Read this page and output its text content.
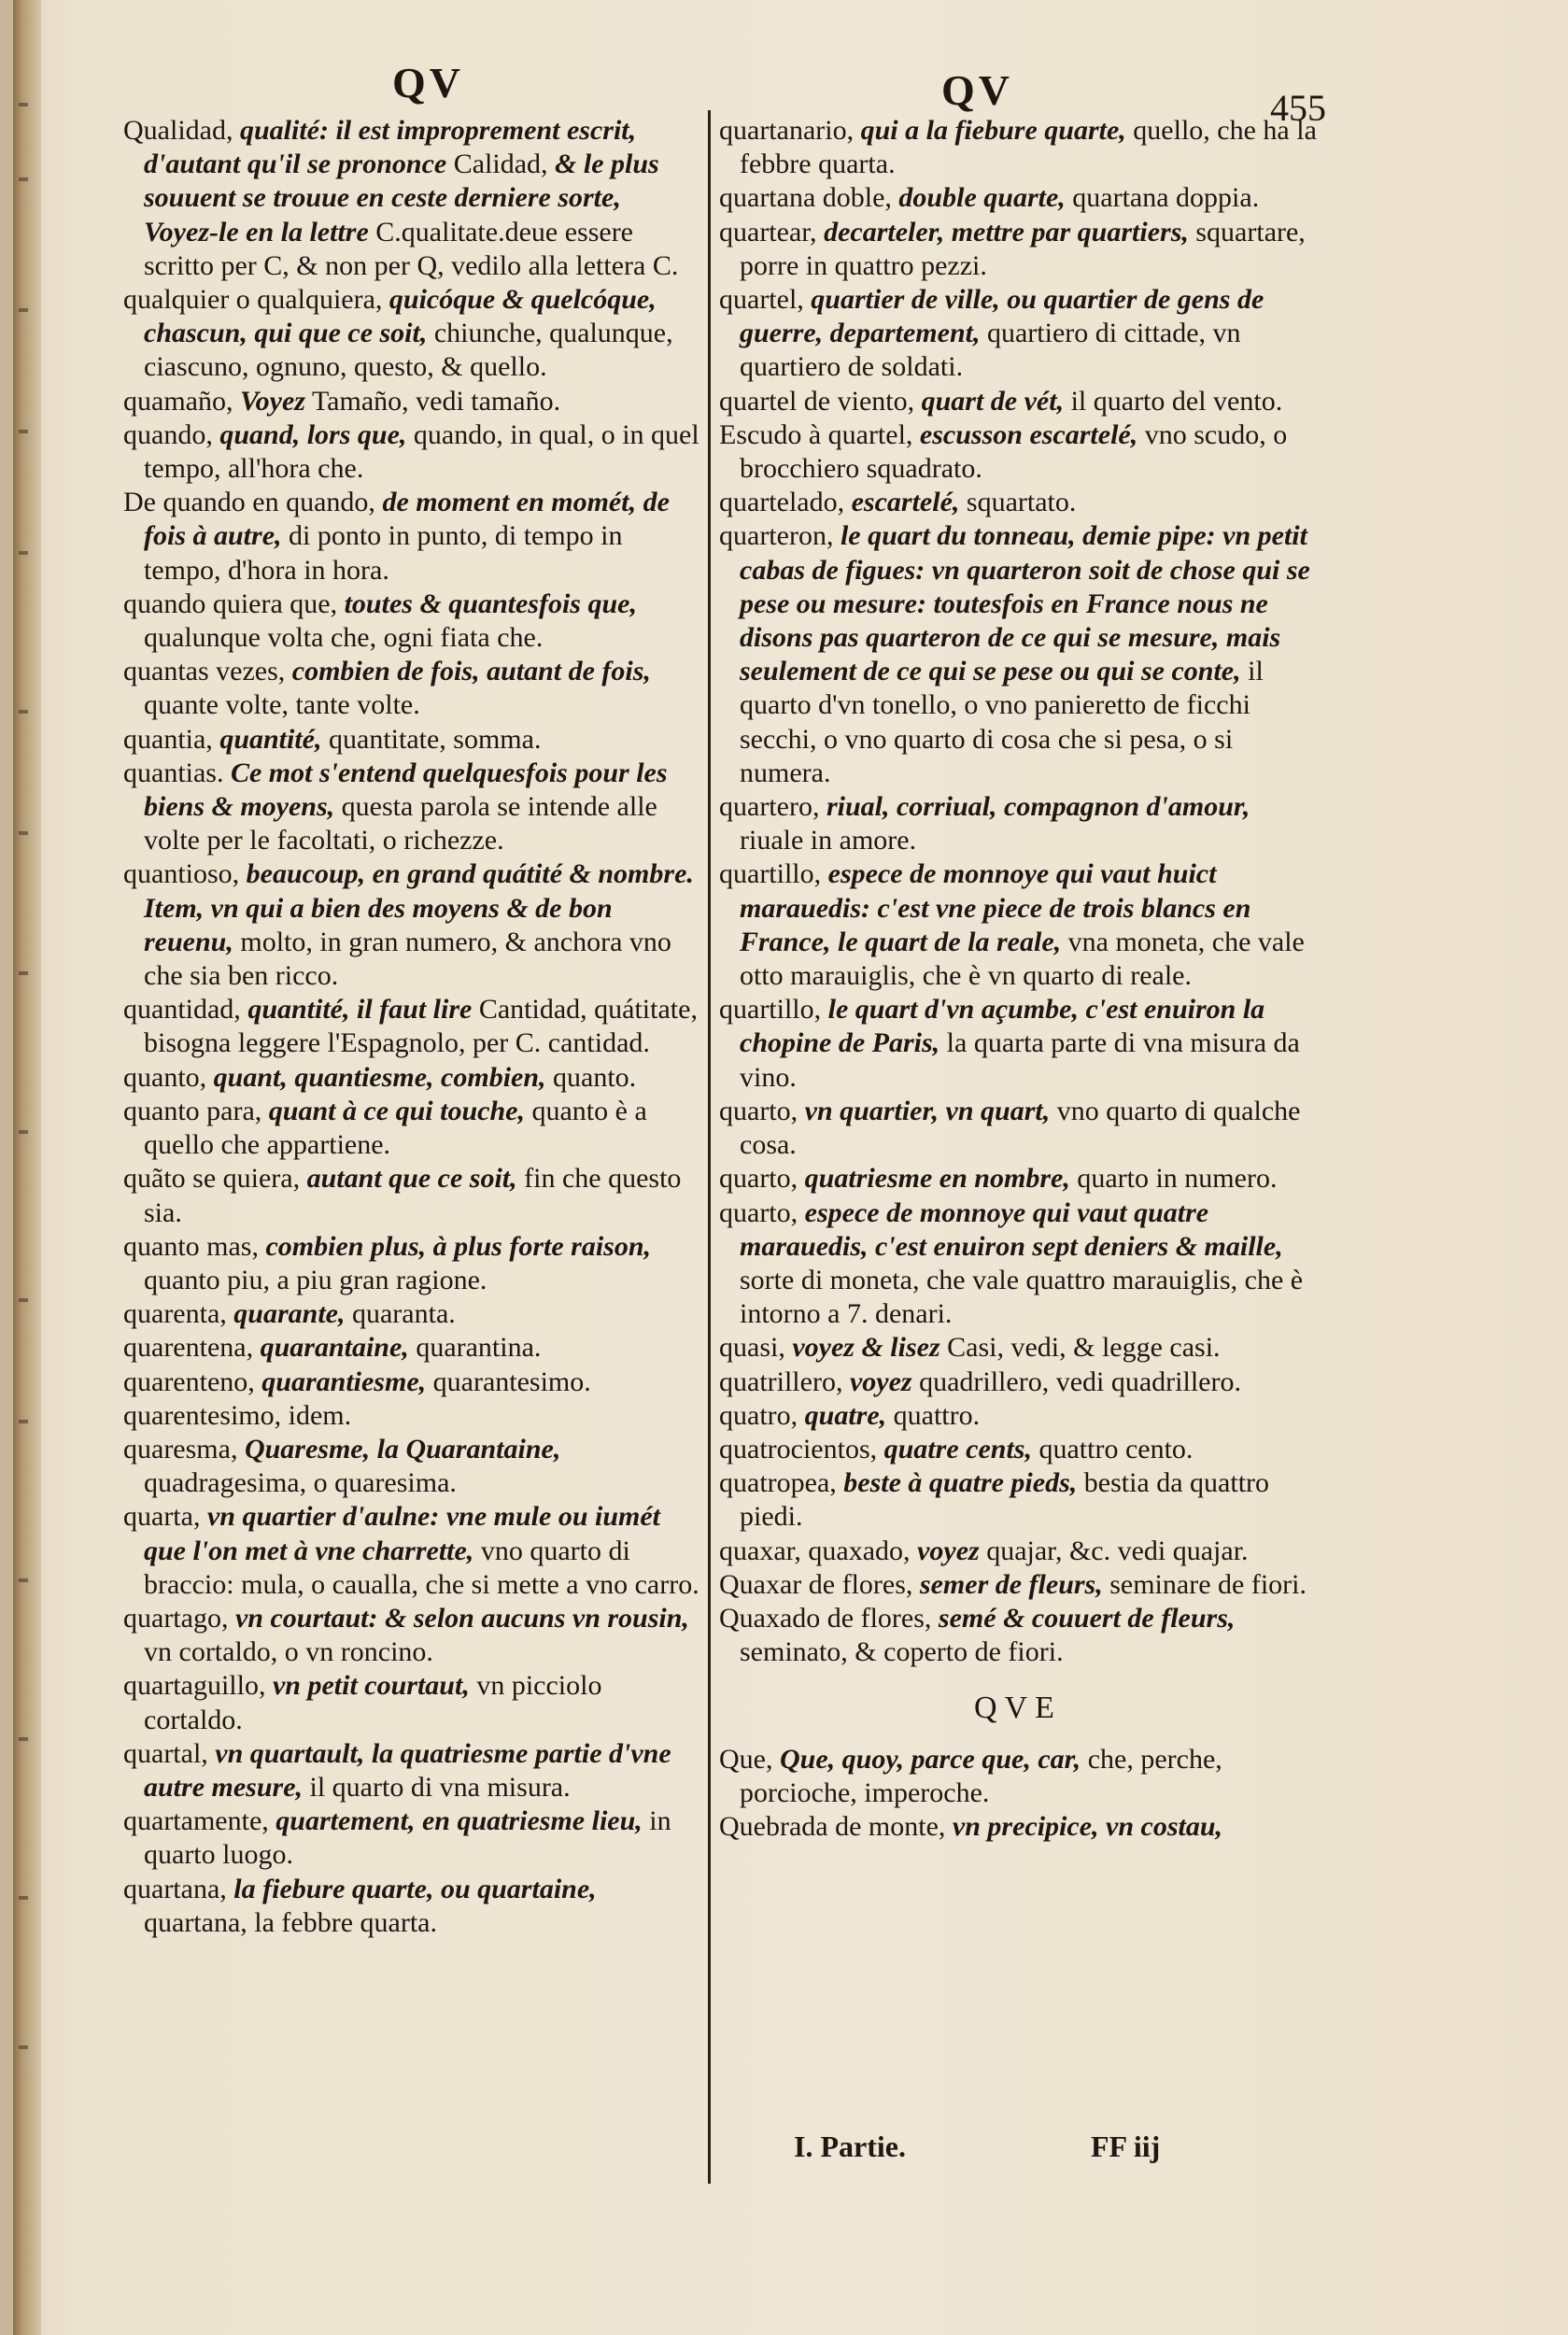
QV	QV	455
Qualidad, qualité: il est improprement escrit, d'autant qu'il se prononce Calidad, & le plus souuent se trouue en ceste derniere sorte, Voyez-le en la lettre C.qualitate.deue essere scritto per C, & non per Q, vedilo alla lettera C.
qualquier o qualquiera, quicóque & quelcóque, chascun, qui que ce soit, chiunche, qualunque, ciascuno, ognuno, questo, & quello.
quamaño, Voyez Tamaño, vedi tamaño.
quando, quand, lors que, quando, in qual, o in quel tempo, all'hora che.
De quando en quando, de moment en momét, de fois à autre, di ponto in punto, di tempo in tempo, d'hora in hora.
quando quiera que, toutes & quantesfois que, qualunque volta che, ogni fiata che.
quantas vezes, combien de fois, autant de fois, quante volte, tante volte.
quantia, quantité, quantitate, somma.
quantias. Ce mot s'entend quelquesfois pour les biens & moyens, questa parola se intende alle volte per le facoltati, o richezze.
quantioso, beaucoup, en grand quátité & nombre. Item, vn qui a bien des moyens & de bon reuenu, molto, in gran numero, & anchora vno che sia ben ricco.
quantidad, quantité, il faut lire Cantidad, quátitate, bisogna leggere l'Espagnolo, per C. cantidad.
quanto, quant, quantiesme, combien, quanto.
quanto para, quant à ce qui touche, quanto è a quello che appartiene.
quãto se quiera, autant que ce soit, fin che questo sia.
quanto mas, combien plus, à plus forte raison, quanto piu, a piu gran ragione.
quarenta, quarante, quaranta.
quarentena, quarantaine, quarantina.
quarenteno, quarantiesme, quarantesimo.
quarentesimo, idem.
quaresma, Quaresme, la Quarantaine, quadragesima, o quaresima.
quarta, vn quartier d'aulne: vne mule ou iumét que l'on met à vne charrette, vno quarto di braccio: mula, o caualla, che si mette a vno carro.
quartago, vn courtaut: & selon aucuns vn rousin, vn cortaldo, o vn roncino.
quartaguillo, vn petit courtaut, vn picciolo cortaldo.
quartal, vn quartault, la quatriesme partie d'vne autre mesure, il quarto di vna misura.
quartamente, quartement, en quatriesme lieu, in quarto luogo.
quartana, la fiebure quarte, ou quartaine, quartana, la febbre quarta.
quartanario, qui a la fiebure quarte, quello, che ha la febbre quarta.
quartana doble, double quarte, quartana doppia.
quartear, decarteler, mettre par quartiers, squartare, porre in quattro pezzi.
quartel, quartier de ville, ou quartier de gens de guerre, departement, quartiero di cittade, vn quartiero de soldati.
quartel de viento, quart de vét, il quarto del vento.
Escudo à quartel, escusson escartelé, vno scudo, o brocchiero squadrato.
quartelado, escartelé, squartato.
quarteron, le quart du tonneau, demie pipe: vn petit cabas de figues: vn quarteron soit de chose qui se pese ou mesure: toutesfois en France nous ne disons pas quarteron de ce qui se mesure, mais seulement de ce qui se pese ou qui se conte, il quarto d'vn tonello, o vno panieretto de ficchi secchi, o vno quarto di cosa che si pesa, o si numera.
quartero, riual, corriual, compagnon d'amour, riuale in amore.
quartillo, espece de monnoye qui vaut huict marauedis: c'est vne piece de trois blancs en France, le quart de la reale, vna moneta, che vale otto marauiglis, che è vn quarto di reale.
quartillo, le quart d'vn açumbe, c'est enuiron la chopine de Paris, la quarta parte di vna misura da vino.
quarto, vn quartier, vn quart, vno quarto di qualche cosa.
quarto, quatriesme en nombre, quarto in numero.
quarto, espece de monnoye qui vaut quatre marauedis, c'est enuiron sept deniers & maille, sorte di moneta, che vale quattro marauiglis, che è intorno a 7. denari.
quasi, voyez & lisez Casi, vedi, & legge casi.
quatrillero, voyez quadrillero, vedi quadrillero.
quatro, quatre, quattro.
quatrocientos, quatre cents, quattro cento.
quatropea, beste à quatre pieds, bestia da quattro piedi.
quaxar, quaxado, voyez quajar, &c. vedi quajar.
Quaxar de flores, semer de fleurs, seminare de fiori.
Quaxado de flores, semé & couuert de fleurs, seminato, & coperto de fiori.
QVE
Que, Que, quoy, parce que, car, che, perche, porcioche, imperoche.
Quebrada de monte, vn precipice, vn costau,
I. Partie.	FF iij
